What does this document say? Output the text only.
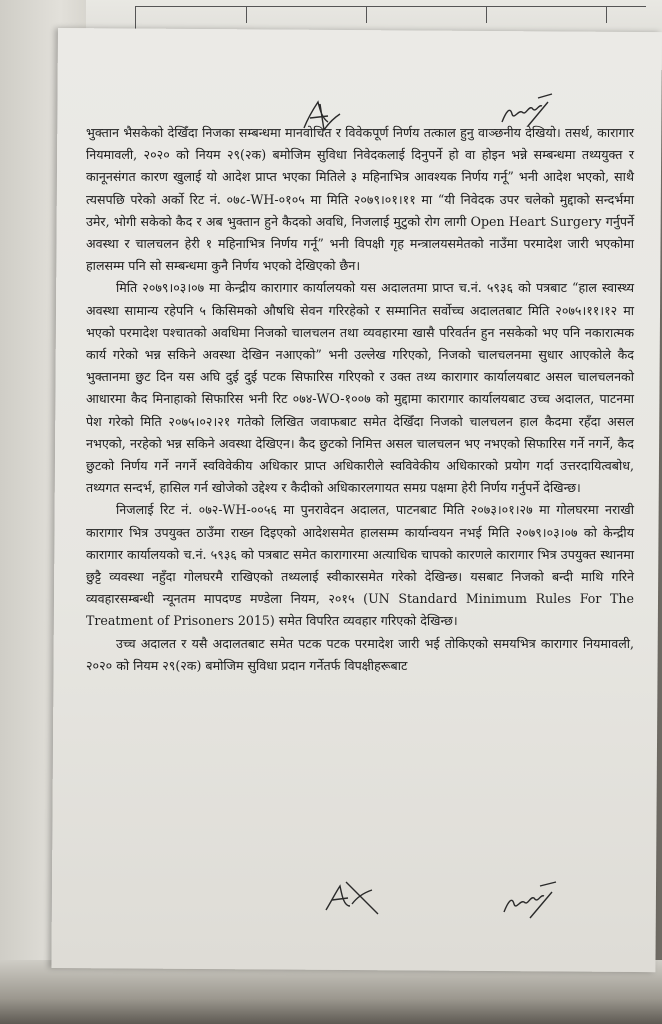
भुक्तान भैसकेको देखिँदा निजका सम्बन्धमा मानवोचित र विवेकपूर्ण निर्णय तत्काल हुनु वाञ्छनीय देखियो। तसर्थ, कारागार नियमावली, २०२० को नियम २९(२क) बमोजिम सुविधा निवेदकलाई दिनुपर्ने हो वा होइन भन्ने सम्बन्धमा तथ्ययुक्त र कानूनसंगत कारण खुलाई यो आदेश प्राप्त भएका मितिले ३ महिनाभित्र आवश्यक निर्णय गर्नू” भनी आदेश भएको, साथै त्यसपछि परेको अर्को रिट नं. ०७८-WH-०१०५ मा मिति २०७९।०१।११ मा “यी निवेदक उपर चलेको मुद्दाको सन्दर्भमा उमेर, भोगी सकेको कैद र अब भुक्तान हुने कैदको अवधि, निजलाई मुटुको रोग लागी Open Heart Surgery गर्नुपर्ने अवस्था र चालचलन हेरी १ महिनाभित्र निर्णय गर्नू” भनी विपक्षी गृह मन्त्रालयसमेतको नाउँमा परमादेश जारी भएकोमा हालसम्म पनि सो सम्बन्धमा कुनै निर्णय भएको देखिएको छैन।

मिति २०७९।०३।०७ मा केन्द्रीय कारागार कार्यालयको यस अदालतमा प्राप्त च.नं. ५९३६ को पत्रबाट “हाल स्वास्थ्य अवस्था सामान्य रहेपनि ५ किसिमको औषधि सेवन गरिरहेको र सम्मानित सर्वोच्च अदालतबाट मिति २०७५।११।१२ मा भएको परमादेश पश्चातको अवधिमा निजको चालचलन तथा व्यवहारमा खासै परिवर्तन हुन नसकेको भए पनि नकारात्मक कार्य गरेको भन्न सकिने अवस्था देखिन नआएको” भनी उल्लेख गरिएको, निजको चालचलनमा सुधार आएकोले कैद भुक्तानमा छुट दिन यस अघि दुई दुई पटक सिफारिस गरिएको र उक्त तथ्य कारागार कार्यालयबाट असल चालचलनको आधारमा कैद मिनाहाको सिफारिस भनी रिट ०७४-WO-१००७ को मुद्दामा कारागार कार्यालयबाट उच्च अदालत, पाटनमा पेश गरेको मिति २०७५।०२।२१ गतेको लिखित जवाफबाट समेत देखिँदा निजको चालचलन हाल कैदमा रहँदा असल नभएको, नरहेको भन्न सकिने अवस्था देखिएन। कैद छुटको निमित्त असल चालचलन भए नभएको सिफारिस गर्ने नगर्ने, कैद छुटको निर्णय गर्ने नगर्ने स्वविवेकीय अधिकार प्राप्त अधिकारीले स्वविवेकीय अधिकारको प्रयोग गर्दा उत्तरदायित्वबोध, तथ्यगत सन्दर्भ, हासिल गर्न खोजेको उद्देश्य र कैदीको अधिकारलगायत समग्र पक्षमा हेरी निर्णय गर्नुपर्ने देखिन्छ।

निजलाई रिट नं. ०७२-WH-००५६ मा पुनरावेदन अदालत, पाटनबाट मिति २०७३।०१।२७ मा गोलघरमा नराखी कारागार भित्र उपयुक्त ठाउँमा राख्न दिइएको आदेशसमेत हालसम्म कार्यान्वयन नभई मिति २०७९।०३।०७ को केन्द्रीय कारागार कार्यालयको च.नं. ५९३६ को पत्रबाट समेत कारागारमा अत्याधिक चापको कारणले कारागार भित्र उपयुक्त स्थानमा छुट्टै व्यवस्था नहुँदा गोलघरमै राखिएको तथ्यलाई स्वीकारसमेत गरेको देखिन्छ। यसबाट निजको बन्दी माथि गरिने व्यवहारसम्बन्धी न्यूनतम मापदण्ड मण्डेला नियम, २०१५ (UN Standard Minimum Rules For The Treatment of Prisoners 2015) समेत विपरित व्यवहार गरिएको देखिन्छ।

उच्च अदालत र यसै अदालतबाट समेत पटक पटक परमादेश जारी भई तोकिएको समयभित्र कारागार नियमावली, २०२० को नियम २९(२क) बमोजिम सुविधा प्रदान गर्नेतर्फ विपक्षीहरूबाट
